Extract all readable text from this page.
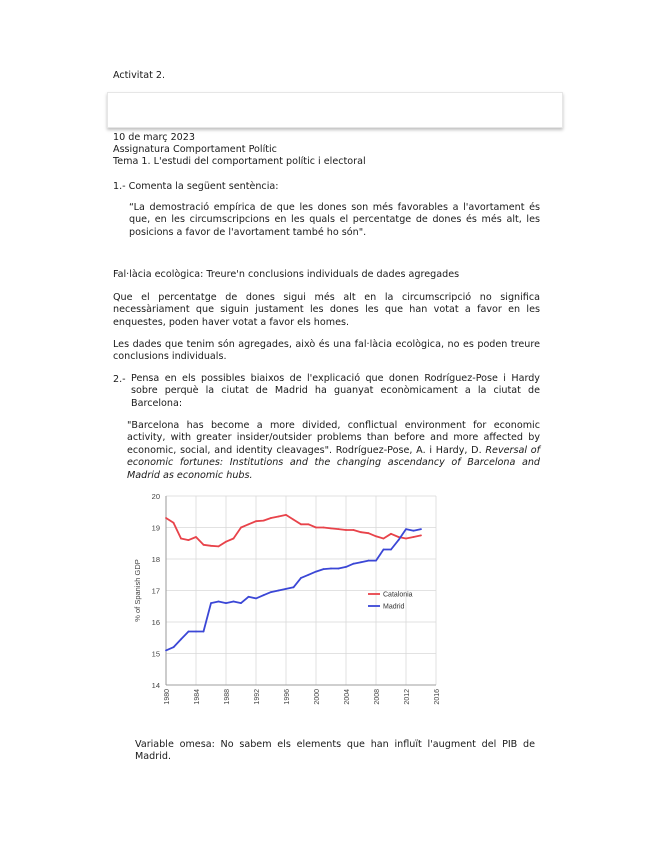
Activitat 2.
10 de març 2023
Assignatura Comportament Polític
Tema 1. L'estudi del comportament polític i electoral
1.- Comenta la següent sentència:
“La demostració empírica de que les dones son més favorables a l'avortament és que, en les circumscripcions en les quals el percentatge de dones és més alt, les posicions a favor de l'avortament també ho són".
Fal·làcia ecològica: Treure'n conclusions individuals de dades agregades
Que el percentatge de dones sigui més alt en la circumscripció no significa necessàriament que siguin justament les dones les que han votat a favor en les enquestes, poden haver votat a favor els homes.
Les dades que tenim són agregades, això és una fal·làcia ecològica, no es poden treure conclusions individuals.
2.- Pensa en els possibles biaixos de l'explicació que donen Rodríguez-Pose i Hardy sobre perquè la ciutat de Madrid ha guanyat econòmicament a la ciutat de Barcelona:
"Barcelona has become a more divided, conflictual environment for economic activity, with greater insider/outsider problems than before and more affected by economic, social, and identity cleavages". Rodríguez-Pose, A. i Hardy, D. Reversal of economic fortunes: Institutions and the changing ascendancy of Barcelona and Madrid as economic hubs.
14
15
16
17
18
19
20
1980	1984	1988	1992	1996	2000	2004	2008	2012	2016
% of Spanish GDP	Catalonia
Madrid
Variable omesa: No sabem els elements que han influït l'augment del PIB de Madrid.
